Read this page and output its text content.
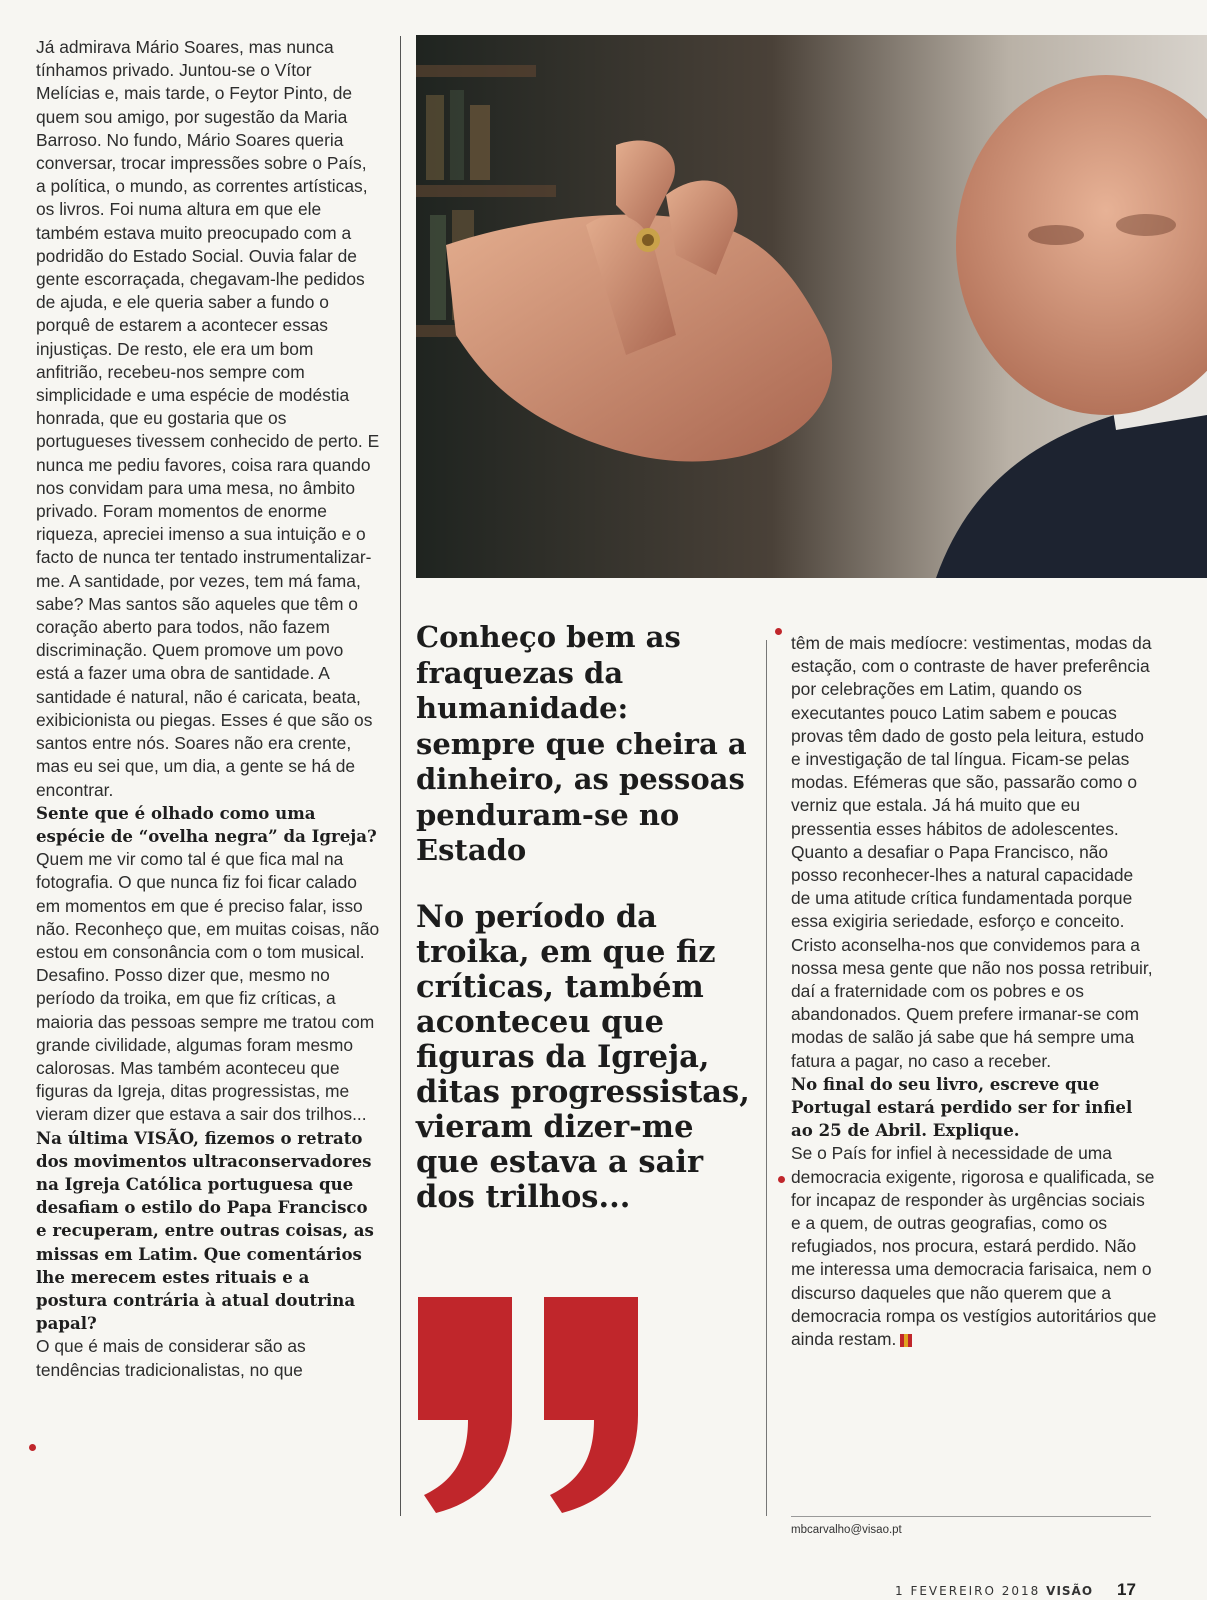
Já admirava Mário Soares, mas nunca tínhamos privado. Juntou-se o Vítor Melícias e, mais tarde, o Feytor Pinto, de quem sou amigo, por sugestão da Maria Barroso. No fundo, Mário Soares queria conversar, trocar impressões sobre o País, a política, o mundo, as correntes artísticas, os livros. Foi numa altura em que ele também estava muito preocupado com a podridão do Estado Social. Ouvia falar de gente escorraçada, chegavam-lhe pedidos de ajuda, e ele queria saber a fundo o porquê de estarem a acontecer essas injustiças. De resto, ele era um bom anfitrião, recebeu-nos sempre com simplicidade e uma espécie de modéstia honrada, que eu gostaria que os portugueses tivessem conhecido de perto. E nunca me pediu favores, coisa rara quando nos convidam para uma mesa, no âmbito privado. Foram momentos de enorme riqueza, apreciei imenso a sua intuição e o facto de nunca ter tentado instrumentalizar-me. A santidade, por vezes, tem má fama, sabe? Mas santos são aqueles que têm o coração aberto para todos, não fazem discriminação. Quem promove um povo está a fazer uma obra de santidade. A santidade é natural, não é caricata, beata, exibicionista ou piegas. Esses é que são os santos entre nós. Soares não era crente, mas eu sei que, um dia, a gente se há de encontrar.

Sente que é olhado como uma espécie de “ovelha negra” da Igreja?

Quem me vir como tal é que fica mal na fotografia. O que nunca fiz foi ficar calado em momentos em que é preciso falar, isso não. Reconheço que, em muitas coisas, não estou em consonância com o tom musical. Desafino. Posso dizer que, mesmo no período da troika, em que fiz críticas, a maioria das pessoas sempre me tratou com grande civilidade, algumas foram mesmo calorosas. Mas também aconteceu que figuras da Igreja, ditas progressistas, me vieram dizer que estava a sair dos trilhos...

Na última VISÃO, fizemos o retrato dos movimentos ultraconservadores na Igreja Católica portuguesa que desafiam o estilo do Papa Francisco e recuperam, entre outras coisas, as missas em Latim. Que comentários lhe merecem estes rituais e a postura contrária à atual doutrina papal?

O que é mais de considerar são as tendências tradicionalistas, no que

Conheço bem as fraquezas da humanidade: sempre que cheira a dinheiro, as pessoas penduram-se no Estado
No período da troika, em que fiz críticas, também aconteceu que figuras da Igreja, ditas progressistas, vieram dizer-me que estava a sair dos trilhos...

têm de mais medíocre: vestimentas, modas da estação, com o contraste de haver preferência por celebrações em Latim, quando os executantes pouco Latim sabem e poucas provas têm dado de gosto pela leitura, estudo e investigação de tal língua. Ficam-se pelas modas. Efémeras que são, passarão como o verniz que estala. Já há muito que eu pressentia esses hábitos de adolescentes. Quanto a desafiar o Papa Francisco, não posso reconhecer-lhes a natural capacidade de uma atitude crítica fundamentada porque essa exigiria seriedade, esforço e conceito. Cristo aconselha-nos que convidemos para a nossa mesa gente que não nos possa retribuir, daí a fraternidade com os pobres e os abandonados. Quem prefere irmanar-se com modas de salão já sabe que há sempre uma fatura a pagar, no caso a receber.

No final do seu livro, escreve que Portugal estará perdido ser for infiel ao 25 de Abril. Explique.

Se o País for infiel à necessidade de uma democracia exigente, rigorosa e qualificada, se for incapaz de responder às urgências sociais e a quem, de outras geografias, como os refugiados, nos procura, estará perdido. Não me interessa uma democracia farisaica, nem o discurso daqueles que não querem que a democracia rompa os vestígios autoritários que ainda restam.

mbcarvalho@visao.pt
1 FEVEREIRO 2018 VISÃO 17
